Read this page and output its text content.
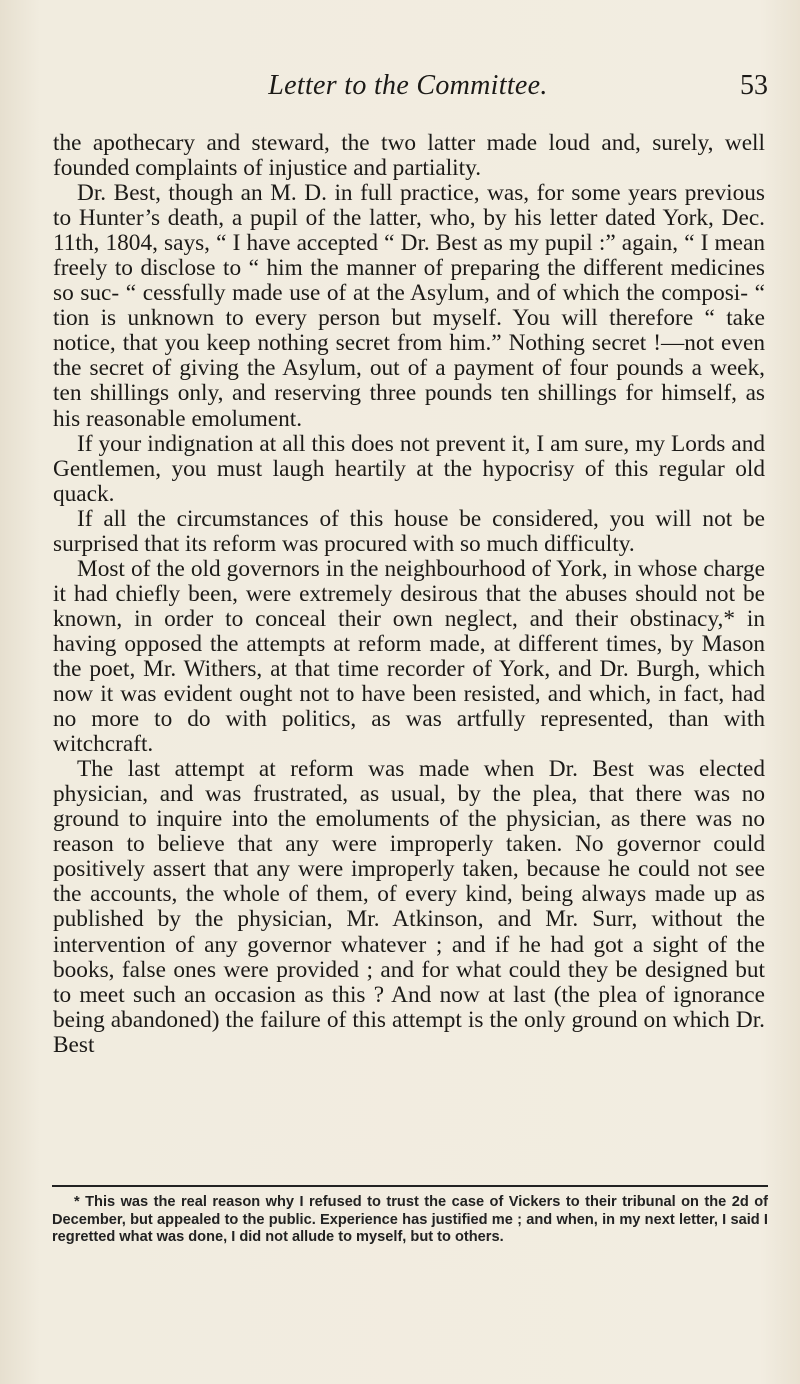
Letter to the Committee.	53

the apothecary and steward, the two latter made loud and, surely, well founded complaints of injustice and partiality.

Dr. Best, though an M. D. in full practice, was, for some years previous to Hunter’s death, a pupil of the latter, who, by his letter dated York, Dec. 11th, 1804, says, “ I have accepted “ Dr. Best as my pupil :” again, “ I mean freely to disclose to “ him the manner of preparing the different medicines so suc- “ cessfully made use of at the Asylum, and of which the composi- “ tion is unknown to every person but myself. You will therefore “ take notice, that you keep nothing secret from him.” Nothing secret !—not even the secret of giving the Asylum, out of a payment of four pounds a week, ten shillings only, and reserving three pounds ten shillings for himself, as his reasonable emolument.

If your indignation at all this does not prevent it, I am sure, my Lords and Gentlemen, you must laugh heartily at the hypocrisy of this regular old quack.

If all the circumstances of this house be considered, you will not be surprised that its reform was procured with so much difficulty.

Most of the old governors in the neighbourhood of York, in whose charge it had chiefly been, were extremely desirous that the abuses should not be known, in order to conceal their own neglect, and their obstinacy,* in having opposed the attempts at reform made, at different times, by Mason the poet, Mr. Withers, at that time recorder of York, and Dr. Burgh, which now it was evident ought not to have been resisted, and which, in fact, had no more to do with politics, as was artfully represented, than with witchcraft.

The last attempt at reform was made when Dr. Best was elected physician, and was frustrated, as usual, by the plea, that there was no ground to inquire into the emoluments of the physician, as there was no reason to believe that any were improperly taken. No governor could positively assert that any were improperly taken, because he could not see the accounts, the whole of them, of every kind, being always made up as published by the physician, Mr. Atkinson, and Mr. Surr, without the intervention of any governor whatever ; and if he had got a sight of the books, false ones were provided ; and for what could they be designed but to meet such an occasion as this ? And now at last (the plea of ignorance being abandoned) the failure of this attempt is the only ground on which Dr. Best

* This was the real reason why I refused to trust the case of Vickers to their tribunal on the 2d of December, but appealed to the public. Experience has justified me ; and when, in my next letter, I said I regretted what was done, I did not allude to myself, but to others.
